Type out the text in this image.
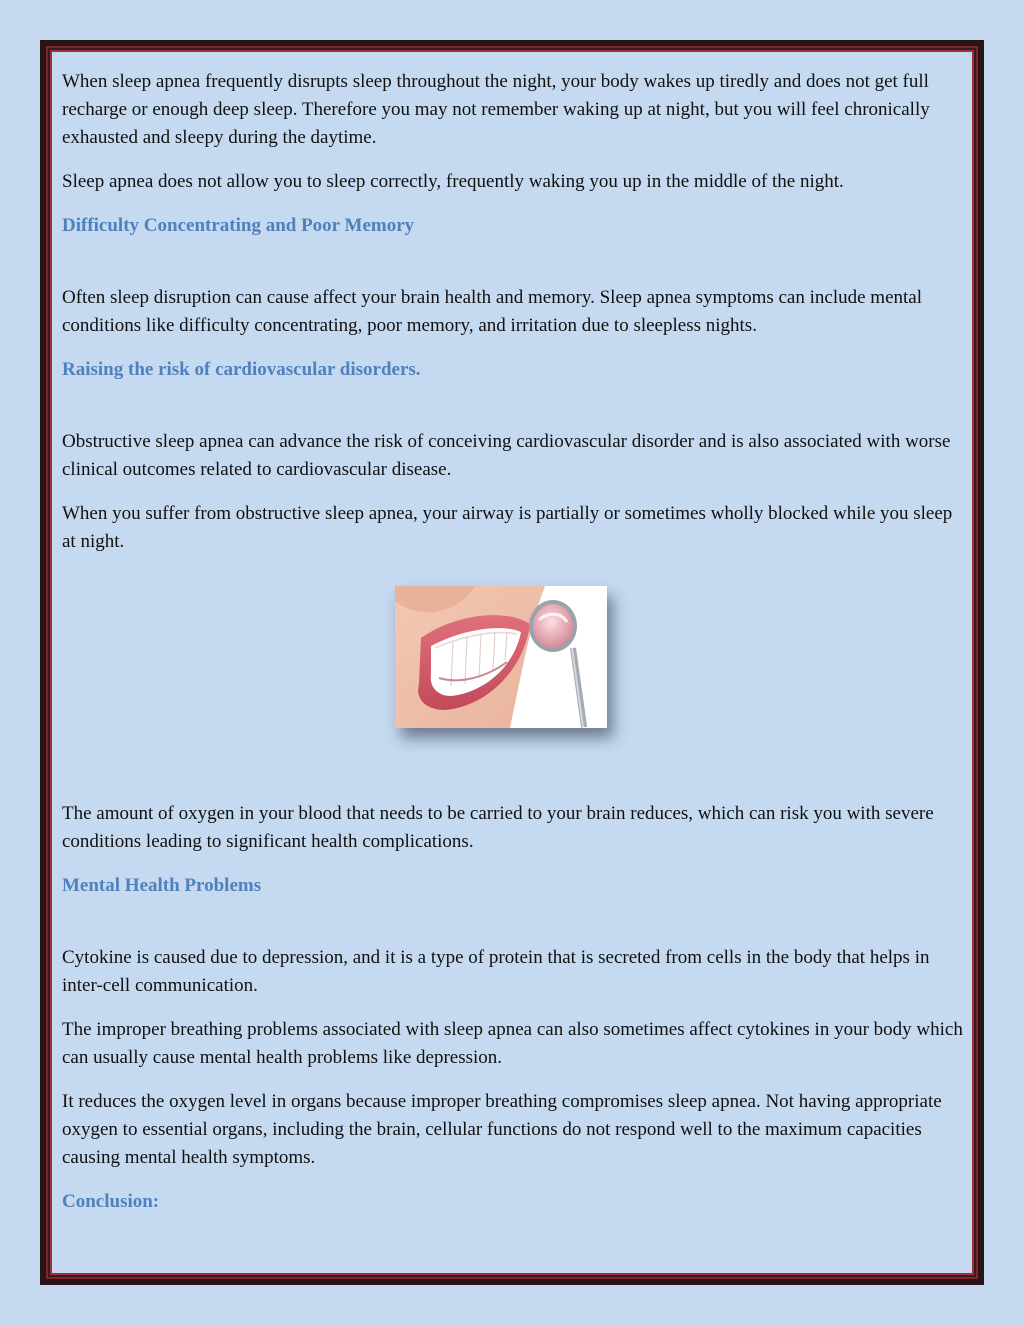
When sleep apnea frequently disrupts sleep throughout the night, your body wakes up tiredly and does not get full recharge or enough deep sleep. Therefore you may not remember waking up at night, but you will feel chronically exhausted and sleepy during the daytime.

Sleep apnea does not allow you to sleep correctly, frequently waking you up in the middle of the night.

Difficulty Concentrating and Poor Memory

Often sleep disruption can cause affect your brain health and memory. Sleep apnea symptoms can include mental conditions like difficulty concentrating, poor memory, and irritation due to sleepless nights.

Raising the risk of cardiovascular disorders.

Obstructive sleep apnea can advance the risk of conceiving cardiovascular disorder and is also associated with worse clinical outcomes related to cardiovascular disease.

When you suffer from obstructive sleep apnea, your airway is partially or sometimes wholly blocked while you sleep at night.

The amount of oxygen in your blood that needs to be carried to your brain reduces, which can risk you with severe conditions leading to significant health complications.

Mental Health Problems

Cytokine is caused due to depression, and it is a type of protein that is secreted from cells in the body that helps in inter-cell communication.

The improper breathing problems associated with sleep apnea can also sometimes affect cytokines in your body which can usually cause mental health problems like depression.

It reduces the oxygen level in organs because improper breathing compromises sleep apnea. Not having appropriate oxygen to essential organs, including the brain, cellular functions do not respond well to the maximum capacities causing mental health symptoms.

Conclusion:
